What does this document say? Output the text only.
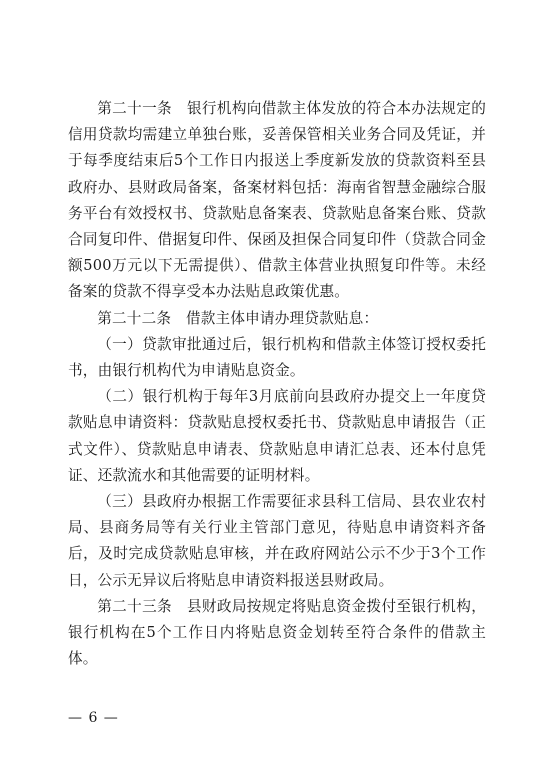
第二十一条　银行机构向借款主体发放的符合本办法规定的信用贷款均需建立单独台账，妥善保管相关业务合同及凭证，并于每季度结束后5个工作日内报送上季度新发放的贷款资料至县政府办、县财政局备案，备案材料包括：海南省智慧金融综合服务平台有效授权书、贷款贴息备案表、贷款贴息备案台账、贷款合同复印件、借据复印件、保函及担保合同复印件（贷款合同金额500万元以下无需提供）、借款主体营业执照复印件等。未经备案的贷款不得享受本办法贴息政策优惠。

第二十二条　借款主体申请办理贷款贴息：

（一）贷款审批通过后，银行机构和借款主体签订授权委托书，由银行机构代为申请贴息资金。

（二）银行机构于每年3月底前向县政府办提交上一年度贷款贴息申请资料：贷款贴息授权委托书、贷款贴息申请报告（正式文件）、贷款贴息申请表、贷款贴息申请汇总表、还本付息凭证、还款流水和其他需要的证明材料。

（三）县政府办根据工作需要征求县科工信局、县农业农村局、县商务局等有关行业主管部门意见，待贴息申请资料齐备后，及时完成贷款贴息审核，并在政府网站公示不少于3个工作日，公示无异议后将贴息申请资料报送县财政局。

第二十三条　县财政局按规定将贴息资金拨付至银行机构，银行机构在5个工作日内将贴息资金划转至符合条件的借款主体。

— 6 —
